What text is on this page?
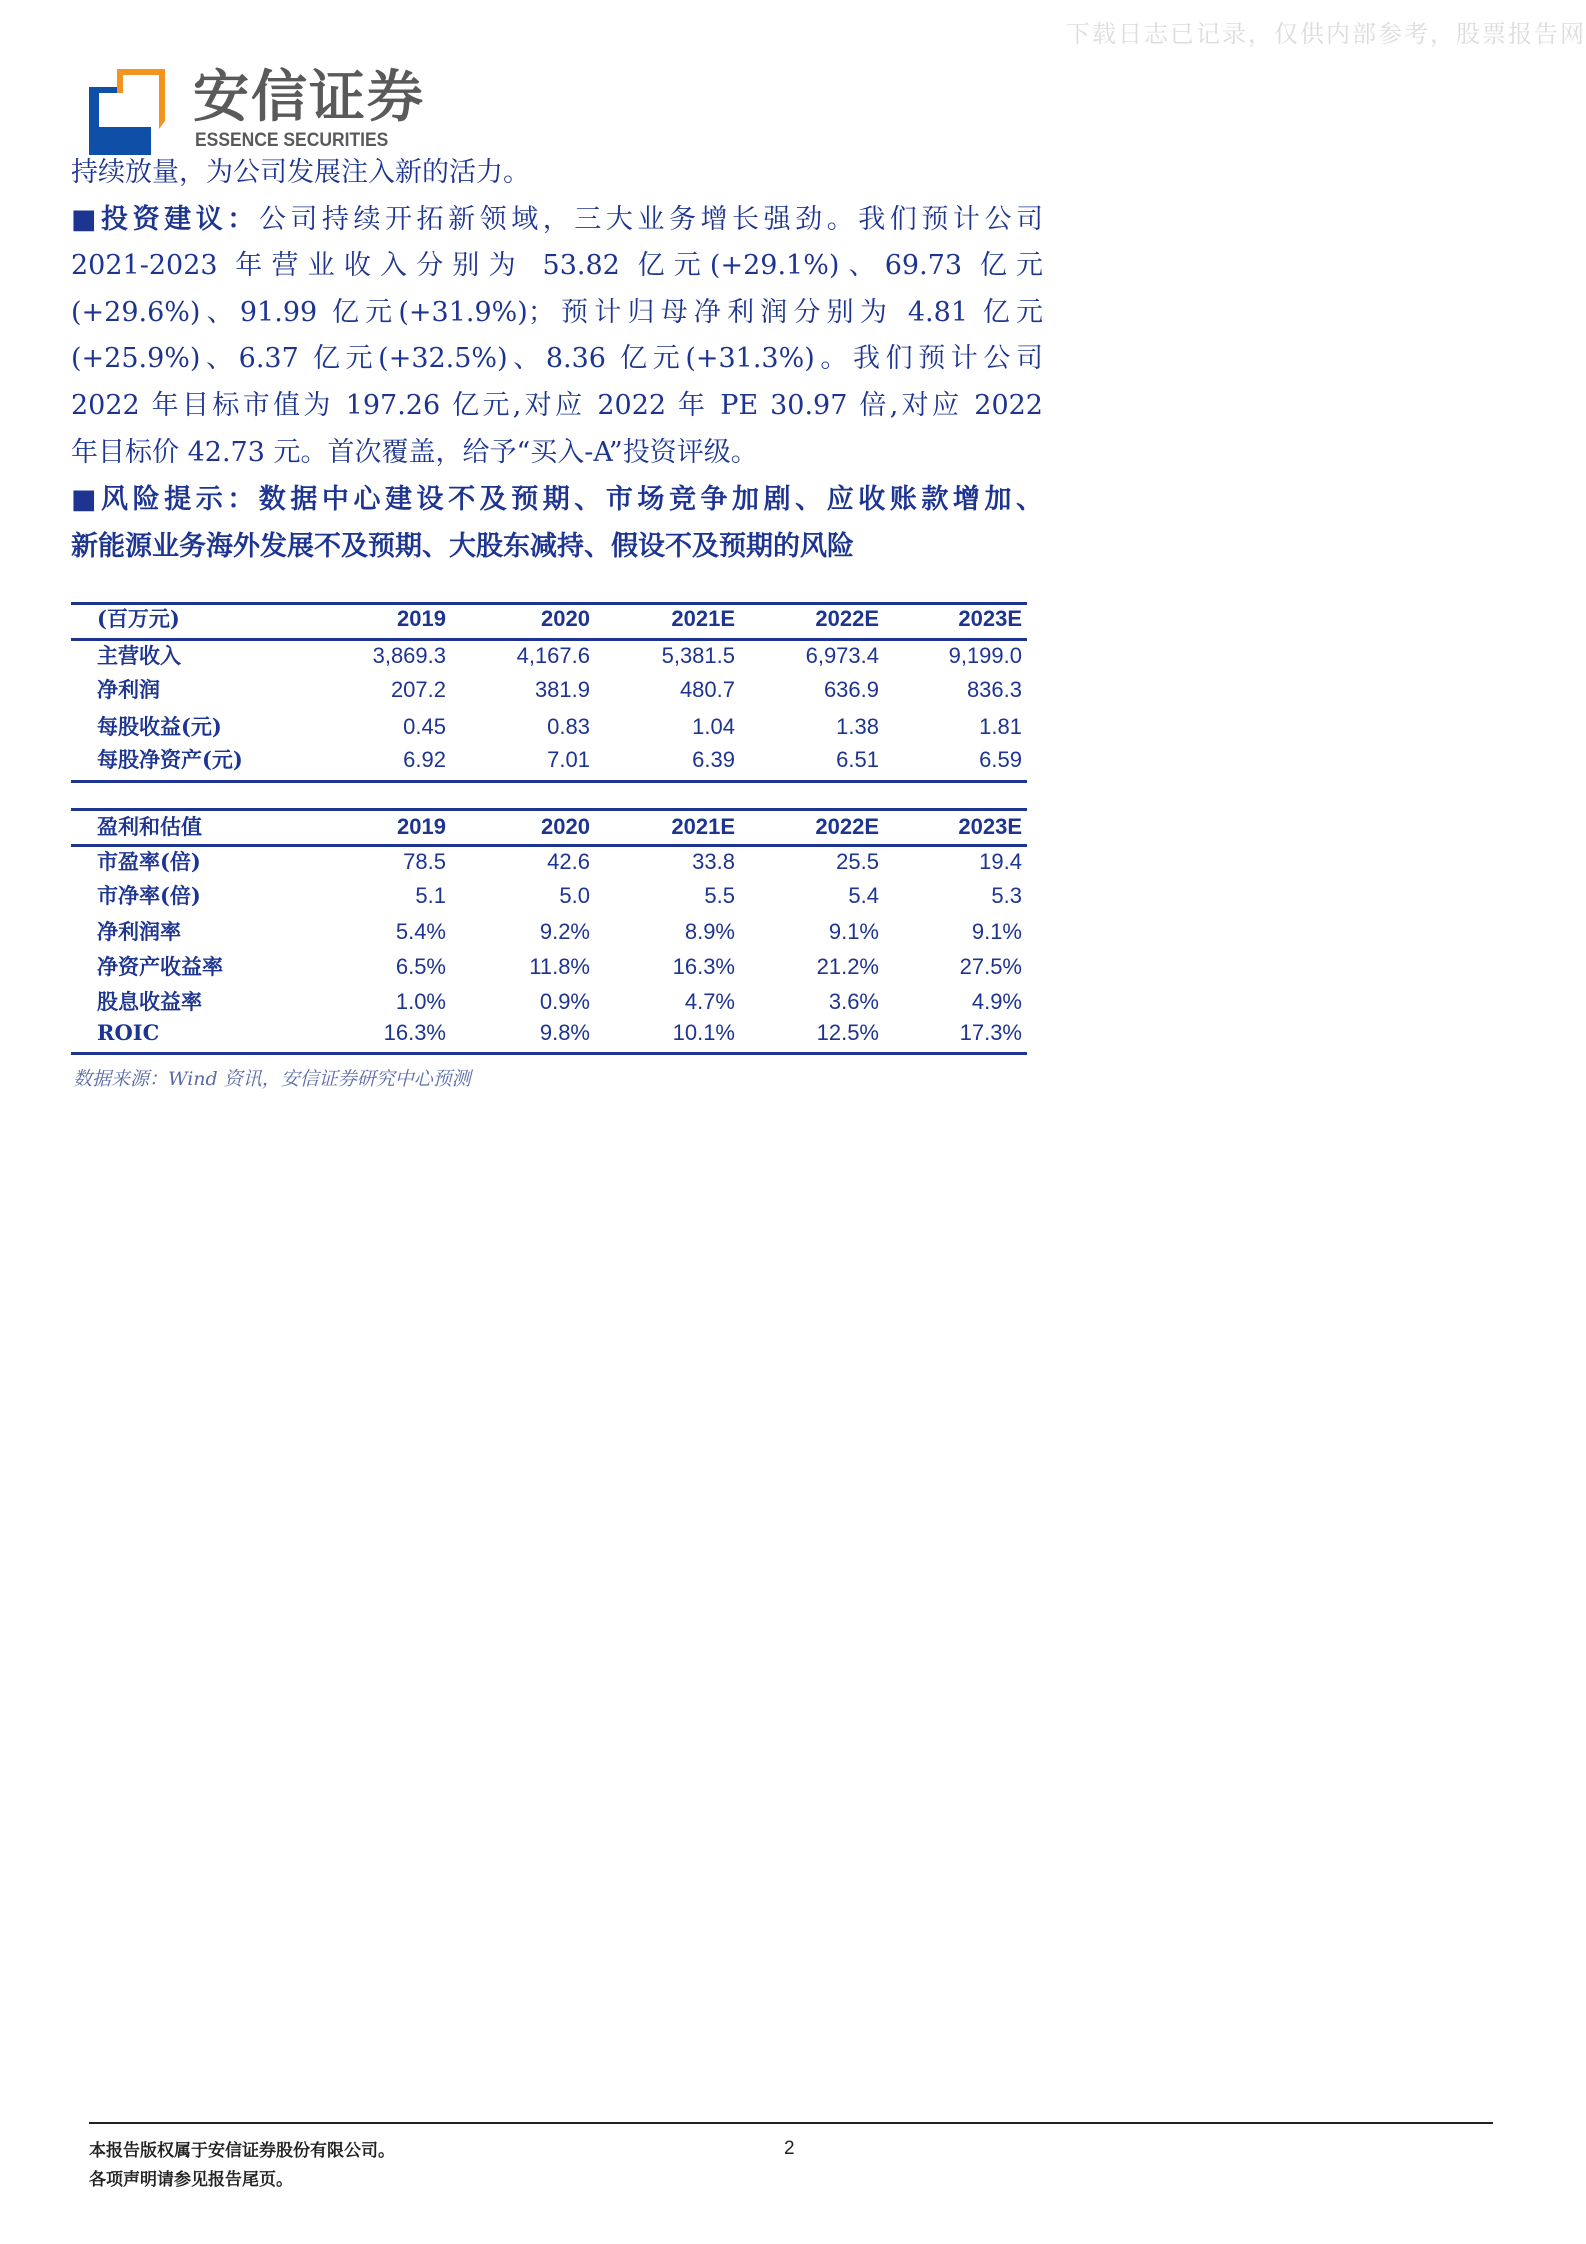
下载日志已记录，仅供内部参考，股票报告网
安信证券
ESSENCE SECURITIES
持续放量，为公司发展注入新的活力。
■投资建议：公司持续开拓新领域，三大业务增长强劲。我们预计公司
2021-2023 年营业收入分别为 53.82 亿元(+29.1%)、69.73 亿元
(+29.6%)、91.99 亿元(+31.9%)；预计归母净利润分别为 4.81 亿元
(+25.9%)、6.37 亿元(+32.5%)、8.36 亿元(+31.3%)。我们预计公司
2022 年目标市值为 197.26 亿元,对应 2022 年 PE 30.97 倍,对应 2022
年目标价 42.73 元。首次覆盖，给予“买入-A”投资评级。
■风险提示：数据中心建设不及预期、市场竞争加剧、应收账款增加、
新能源业务海外发展不及预期、大股东减持、假设不及预期的风险
(百万元)	2019	2020	2021E	2022E	2023E
主营收入	3,869.3	4,167.6	5,381.5	6,973.4	9,199.0
净利润	207.2	381.9	480.7	636.9	836.3
每股收益(元)	0.45	0.83	1.04	1.38	1.81
每股净资产(元)	6.92	7.01	6.39	6.51	6.59
盈利和估值	2019	2020	2021E	2022E	2023E
市盈率(倍)	78.5	42.6	33.8	25.5	19.4
市净率(倍)	5.1	5.0	5.5	5.4	5.3
净利润率	5.4%	9.2%	8.9%	9.1%	9.1%
净资产收益率	6.5%	11.8%	16.3%	21.2%	27.5%
股息收益率	1.0%	0.9%	4.7%	3.6%	4.9%
ROIC	16.3%	9.8%	10.1%	12.5%	17.3%
数据来源：Wind 资讯，安信证券研究中心预测
本报告版权属于安信证券股份有限公司。
各项声明请参见报告尾页。
2
